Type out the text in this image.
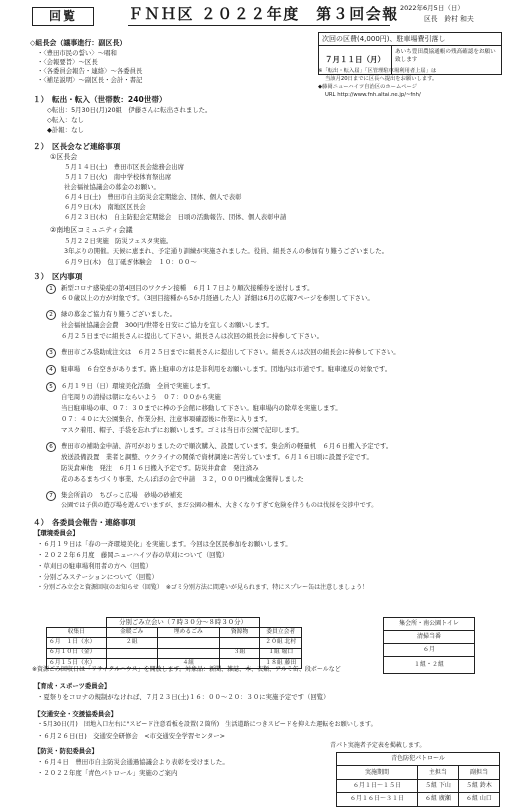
回覧	ＦＮＨ区 ２０２２年度　第３回会報 2022年6月5日（日）
区長　鈴村 和夫
次回の区費(4,000円)、駐車場費引落し
７月１１日（月）
あいち豊田農協通帳の残高確認をお願い致します
※「転出・転入届」「区管理駐車場利用者上届」は
当該月20日までに区長へ提出をお願いします。
◆藤岡ニューハイツ自治区のホームページ
URL http://www.fnh.altai.ne.jp/~fnh/
◇組長会（議事進行：副区長）
・〈豊田市民の誓い〉～唱和
・〈会報要旨〉～区長
・〈各委員会報告・連絡〉～各委員長
・〈補足説明〉～副区長・会計・書記
１）　転出・転入（世帯数：240世帯）
◇転出：5月30日(月)20組　伊藤さんに転出されました。
◇転入：なし
◆訃報：なし
２）　区長会など連絡事項
①区長会
５月１４日(土)　豊田市区長会総務会出席
５月１７日(火)　南中学校体育祭出席
社会福祉協議会の募金のお願い。
６月４日(土)　豊田市自主防災会定期総会、団体、個人で表彰
６月９日(木)　南地区区長会
６月２３日(木)　自主防犯会定期総会　日頃の活動報告、団体、個人表彰申請
②南地区コミュニティ会議
５月２２日実施　防災フェスタ実施。
3年ぶりの開催。天候に恵まれ、予定通り訓練が実施されました。役員、組長さんの参加有り難うございました。
６月９日(木)　包丁砥ぎ体験会　１０：００～
３）　区内事項
1	新型コロナ感染症の第4回目のワクチン接種　６月１７日より順次接種券を送付します。
６０歳以上の方が対象です。（3回目接種から5か月経過した人）詳細は6月の広報7ページを参照して下さい。
2	緑の募金ご協力有り難うございました。
社会福祉協議会会費　300円/世帯を日安にご協力を宜しくお願いします。
６月２５日までに組長さんに提出して下さい。組長さんは次回の組長会に持参して下さい。
3	豊田市ごみ袋助成注文は　６月２５日までに組長さんに提出して下さい。組長さんは次回の組長会に持参して下さい。
4	駐車場　６台空きがあります。路上駐車の方は是非利用をお願いします。団地内は市道です。駐車違反の対象です。
5	６月１９日（日）環境美化活動　全員で実施します。
自宅周りの清掃は朝にならいよう　０７：００から実施
当日駐車場の車、０７：３０までに棒の予会館に移動して下さい。駐車場内の除草を実施します。
０７：４０に大公園集合、作業分担、注意事項確認後に作業に入ります。
マスク着用、帽子、手袋を忘れずにお願いします。ゴミは当日市公園で記印します。
6	豊田市の補助金申請、許可がおりましたので順次購入、設置しています。集会所の軽量机　６月６日搬入予定です。
放送設備設置　業者と調整、ウクライナの関係で資材調達に苦労しています。６月１６日頃に設置予定です。
防災倉庫他　発注　６月１６日搬入予定です。防災井倉倉　発注済み
花のあるまちづくり事業、たんぽぽの会で申請　３２，０００円構成金獲得しました
7	集会所前の　ちびっこ広場　砂場の砂補充
公園では子供の遊び場を遊んでいますが、まだ公園の柵木、大きくなりすぎて危険を伴うものは伐採を交渉中です。
４）　各委員会報告・連絡事項
【環境委員会】
・６月１９日は「春の一斉環境美化」を実施します。今回は全区民参加をお願いします。
・２０２２年６月度　藤岡ニューハイツ春の草刈について（回覧）
・草刈日の駐車場利用者の方へ（回覧）
・分別ごみステーションについて（回覧）
・分別ごみ立会と資源回収のお知らせ（回覧）　※ゴミ分別方法に間違いが見られます、特にスプレー缶は注意しましょう！
	分別ごみ立会い（７時３０分～８時３０分）			
収集日	金暖ごみ	埋めるごみ	資源物	委員立会者
６月　１日（水）	２組			２０組 北村
６月１０日（金）			３組	１組 堀口
６月１５日（水）		４組		１８組 藤田
集会所・南公園トイレ
清掃当番
６月
１組・２組
※資源ごみ回収日は「リサイクルハウス」を開放します。対象品：新聞、雑誌、本、衣類、アルミ缶、段ボールなど
【育成・スポーツ委員会】
・夏祭りをコロナの規制がなければ、７月２３日(土)１６：００～２０：３０に実施予定です（回覧）
【交通安全・交援協委員会】
・5月30日(月)　団地入口左右に"スピード注意看板を設置(２箇所)　生活道路につきスピードを抑えた運転をお願いします。
・６月２６日(日)　交通安全研修会　<市交通安全学習センター>
【防災・防犯委員会】
・６月４日　豊田市自主防災会通過協議会より表彰を受けました。
・２０２２年度「青色パトロール」実施のご案内
青パト実施者予定表を掲載します。
青色防犯パトロール		
実施期間	主担当	副担当
６月１日～１５日	５組 下山	５組 鈴木
６月１６日～３１日	６組 廣瀬	６組 山口
